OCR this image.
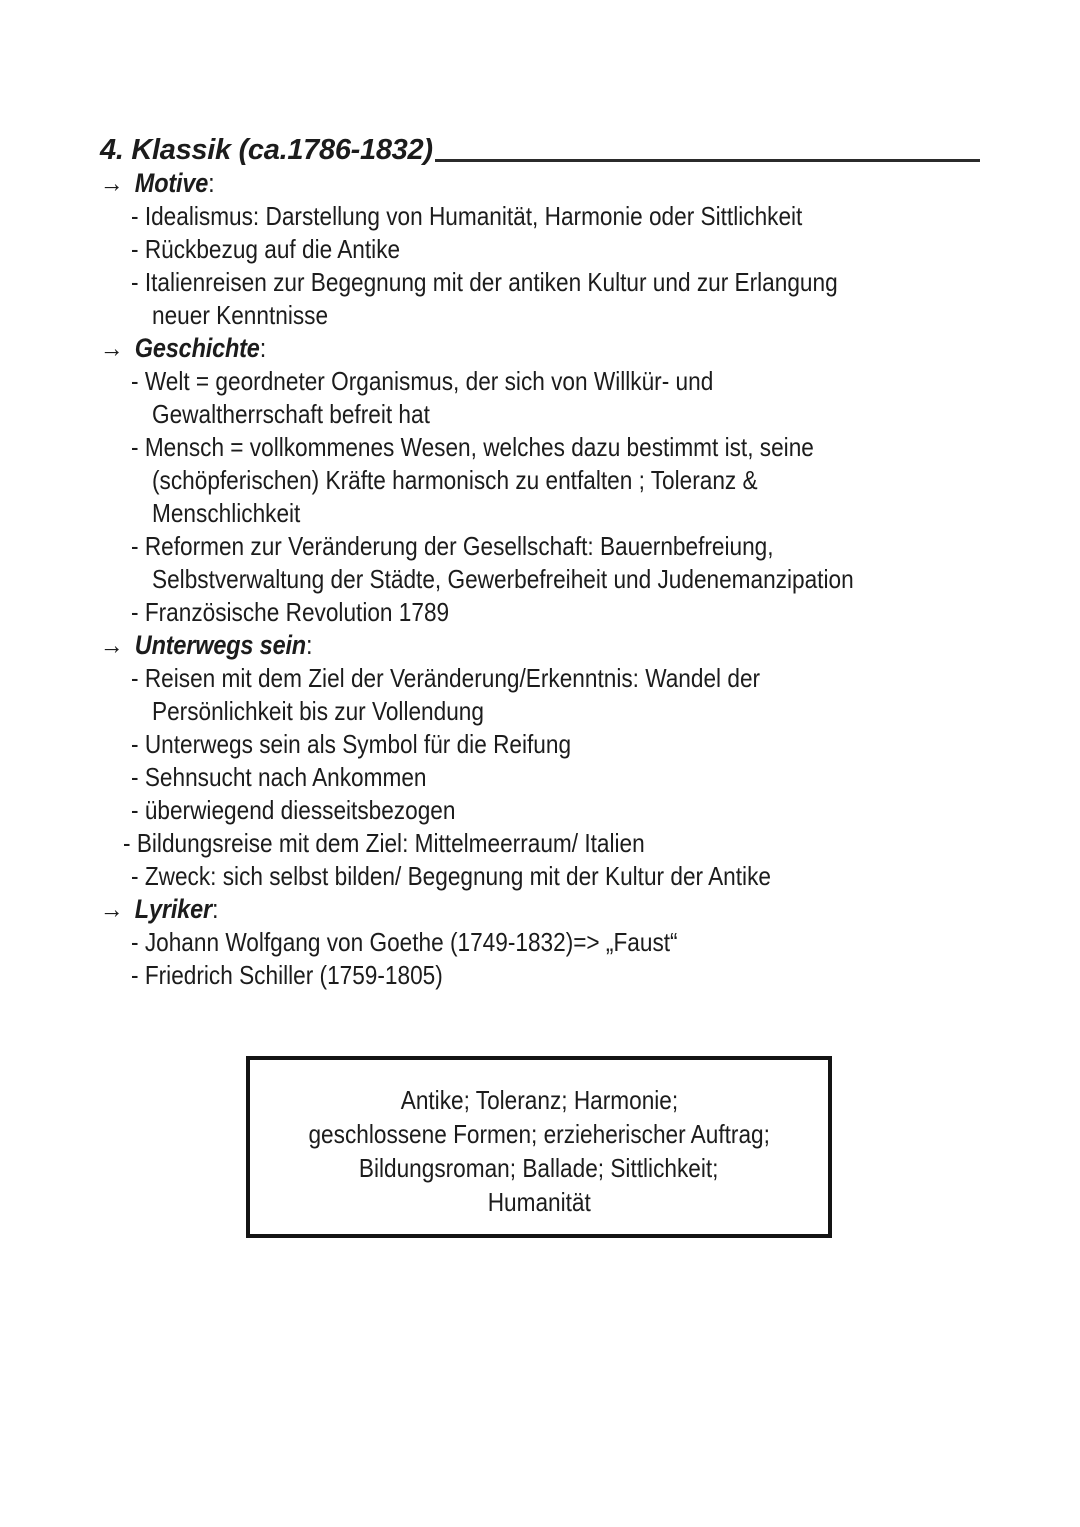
4. Klassik (ca.1786-1832)
→ Motive:
- Idealismus: Darstellung von Humanität, Harmonie oder Sittlichkeit
- Rückbezug auf die Antike
- Italienreisen zur Begegnung mit der antiken Kultur und zur Erlangung
neuer Kenntnisse
→ Geschichte:
- Welt = geordneter Organismus, der sich von Willkür- und
Gewaltherrschaft befreit hat
- Mensch = vollkommenes Wesen, welches dazu bestimmt ist, seine
(schöpferischen) Kräfte harmonisch zu entfalten ; Toleranz &
Menschlichkeit
- Reformen zur Veränderung der Gesellschaft: Bauernbefreiung,
Selbstverwaltung der Städte, Gewerbefreiheit und Judenemanzipation
- Französische Revolution 1789
→ Unterwegs sein:
- Reisen mit dem Ziel der Veränderung/Erkenntnis: Wandel der
Persönlichkeit bis zur Vollendung
- Unterwegs sein als Symbol für die Reifung
- Sehnsucht nach Ankommen
- überwiegend diesseitsbezogen
- Bildungsreise mit dem Ziel: Mittelmeerraum/ Italien
- Zweck: sich selbst bilden/ Begegnung mit der Kultur der Antike
→ Lyriker:
- Johann Wolfgang von Goethe (1749-1832)=> „Faust“
- Friedrich Schiller (1759-1805)
Antike; Toleranz; Harmonie;
geschlossene Formen; erzieherischer Auftrag;
Bildungsroman; Ballade; Sittlichkeit;
Humanität
